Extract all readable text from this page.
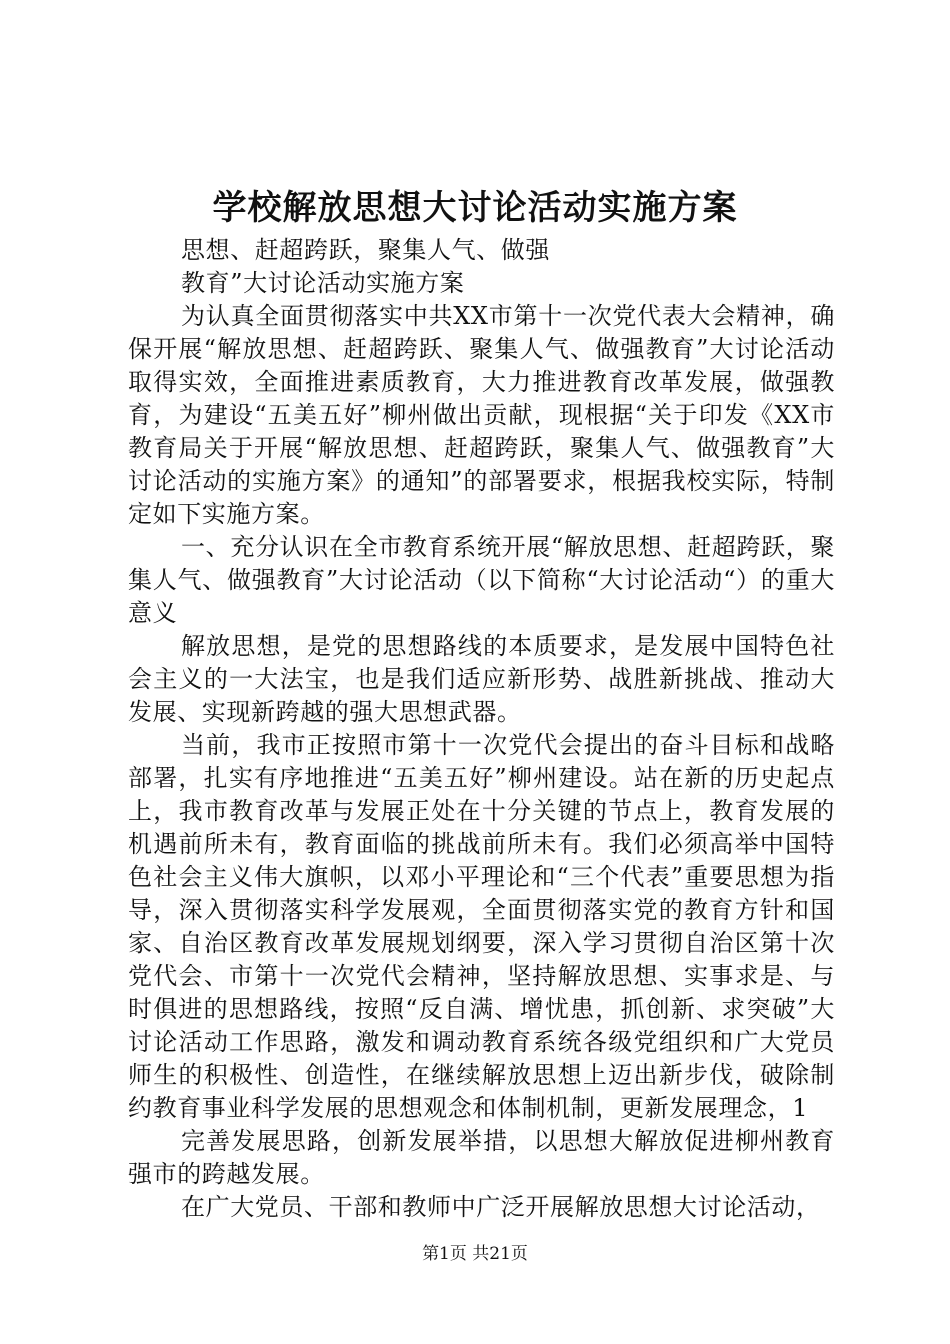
学校解放思想大讨论活动实施方案

思想、赶超跨跃，聚集人气、做强

教育”大讨论活动实施方案

为认真全面贯彻落实中共XX市第十一次党代表大会精神，确保开展“解放思想、赶超跨跃、聚集人气、做强教育”大讨论活动取得实效，全面推进素质教育，大力推进教育改革发展，做强教育，为建设“五美五好”柳州做出贡献，现根据“关于印发《XX市教育局关于开展“解放思想、赶超跨跃，聚集人气、做强教育”大讨论活动的实施方案》的通知”的部署要求，根据我校实际，特制定如下实施方案。

一、充分认识在全市教育系统开展“解放思想、赶超跨跃，聚集人气、做强教育”大讨论活动（以下简称“大讨论活动“）的重大意义

解放思想，是党的思想路线的本质要求，是发展中国特色社会主义的一大法宝，也是我们适应新形势、战胜新挑战、推动大发展、实现新跨越的强大思想武器。

当前，我市正按照市第十一次党代会提出的奋斗目标和战略部署，扎实有序地推进“五美五好”柳州建设。站在新的历史起点上，我市教育改革与发展正处在十分关键的节点上，教育发展的机遇前所未有，教育面临的挑战前所未有。我们必须高举中国特色社会主义伟大旗帜，以邓小平理论和“三个代表”重要思想为指导，深入贯彻落实科学发展观，全面贯彻落实党的教育方针和国家、自治区教育改革发展规划纲要，深入学习贯彻自治区第十次党代会、市第十一次党代会精神，坚持解放思想、实事求是、与时俱进的思想路线，按照“反自满、增忧患，抓创新、求突破”大讨论活动工作思路，激发和调动教育系统各级党组织和广大党员师生的积极性、创造性，在继续解放思想上迈出新步伐，破除制约教育事业科学发展的思想观念和体制机制，更新发展理念，1

完善发展思路，创新发展举措，以思想大解放促进柳州教育强市的跨越发展。

在广大党员、干部和教师中广泛开展解放思想大讨论活动，

第1页 共21页
